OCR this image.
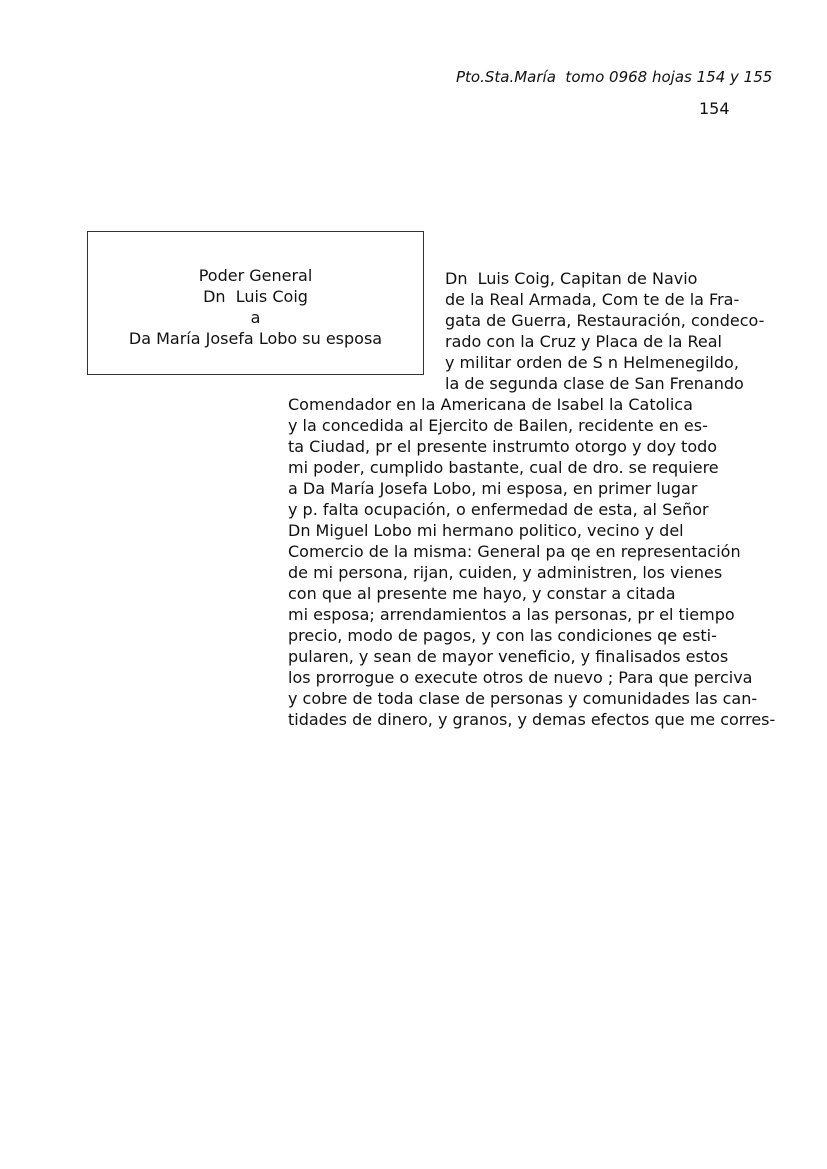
Pto.Sta.María  tomo 0968 hojas 154 y 155
154
Poder General
Dn  Luis Coig
a
Da María Josefa Lobo su esposa
Dn  Luis Coig, Capitan de Navio
de la Real Armada, Com te de la Fra-
gata de Guerra, Restauración, condeco-
rado con la Cruz y Placa de la Real
y militar orden de S n Helmenegildo,
la de segunda clase de San Frenando
Comendador en la Americana de Isabel la Catolica
y la concedida al Ejercito de Bailen, recidente en es-
ta Ciudad, pr el presente instrumto otorgo y doy todo
mi poder, cumplido bastante, cual de dro. se requiere
a Da María Josefa Lobo, mi esposa, en primer lugar
y p. falta ocupación, o enfermedad de esta, al Señor
Dn Miguel Lobo mi hermano politico, vecino y del
Comercio de la misma: General pa qe en representación
de mi persona, rijan, cuiden, y administren, los vienes
con que al presente me hayo, y constar a citada
mi esposa; arrendamientos a las personas, pr el tiempo
precio, modo de pagos, y con las condiciones qe esti-
pularen, y sean de mayor veneficio, y finalisados estos
los prorrogue o execute otros de nuevo ; Para que perciva
y cobre de toda clase de personas y comunidades las can-
tidades de dinero, y granos, y demas efectos que me corres-
